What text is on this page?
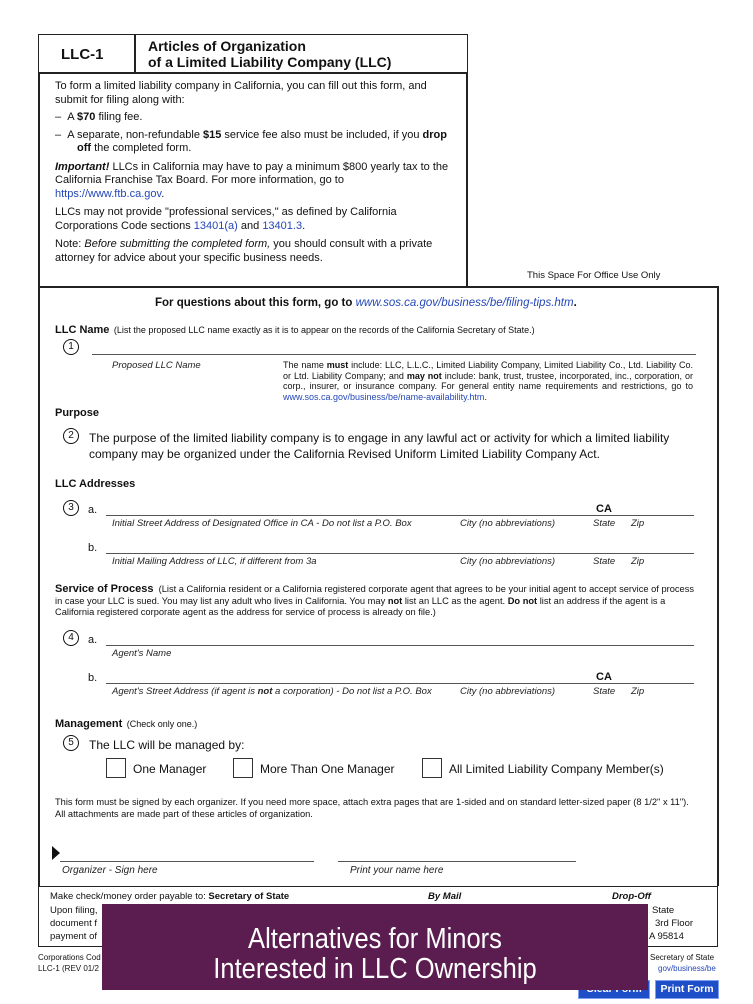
LLC-1	Articles of Organization
of a Limited Liability Company (LLC)
To form a limited liability company in California, you can fill out this form, and submit for filing along with:
–  A $70 filing fee.
–  A separate, non-refundable $15 service fee also must be included, if you drop off the completed form.
Important! LLCs in California may have to pay a minimum $800 yearly tax to the California Franchise Tax Board. For more information, go to https://www.ftb.ca.gov.
LLCs may not provide "professional services," as defined by California Corporations Code sections 13401(a) and 13401.3.
Note: Before submitting the completed form, you should consult with a private attorney for advice about your specific business needs.
This Space For Office Use Only
For questions about this form, go to www.sos.ca.gov/business/be/filing-tips.htm.
LLC Name (List the proposed LLC name exactly as it is to appear on the records of the California Secretary of State.)
1
Proposed LLC Name	The name must include: LLC, L.L.C., Limited Liability Company, Limited Liability Co., Ltd. Liability Co. or Ltd. Liability Company; and may not include: bank, trust, trustee, incorporated, inc., corporation, or corp., insurer, or insurance company. For general entity name requirements and restrictions, go to www.sos.ca.gov/business/be/name-availability.htm.
Purpose
2	The purpose of the limited liability company is to engage in any lawful act or activity for which a limited liability company may be organized under the California Revised Uniform Limited Liability Company Act.
LLC Addresses
3	a.	CA
Initial Street Address of Designated Office in CA - Do not list a P.O. Box	City (no abbreviations)	State Zip
b.
Initial Mailing Address of LLC, if different from 3a	City (no abbreviations)	State Zip
Service of Process (List a California resident or a California registered corporate agent that agrees to be your initial agent to accept service of process in case your LLC is sued. You may list any adult who lives in California. You may not list an LLC as the agent. Do not list an address if the agent is a California registered corporate agent as the address for service of process is already on file.)
4	a.
Agent's Name
b.	CA
Agent's Street Address (if agent is not a corporation) - Do not list a P.O. Box	City (no abbreviations)	State Zip
Management (Check only one.)
5	The LLC will be managed by:
One Manager	More Than One Manager	All Limited Liability Company Member(s)
This form must be signed by each organizer. If you need more space, attach extra pages that are 1-sided and on standard letter-sized paper (8 1/2" x 11"). All attachments are made part of these articles of organization.
Organizer - Sign here	Print your name here
Make check/money order payable to: Secretary of State	By Mail	Drop-Off
Upon filing,
document f
payment of
State
3rd Floor
A 95814
Corporations Cod
LLC-1 (REV 01/2
Secretary of State
gov/business/be
Print Form
Alternatives for Minors
Interested in LLC Ownership
